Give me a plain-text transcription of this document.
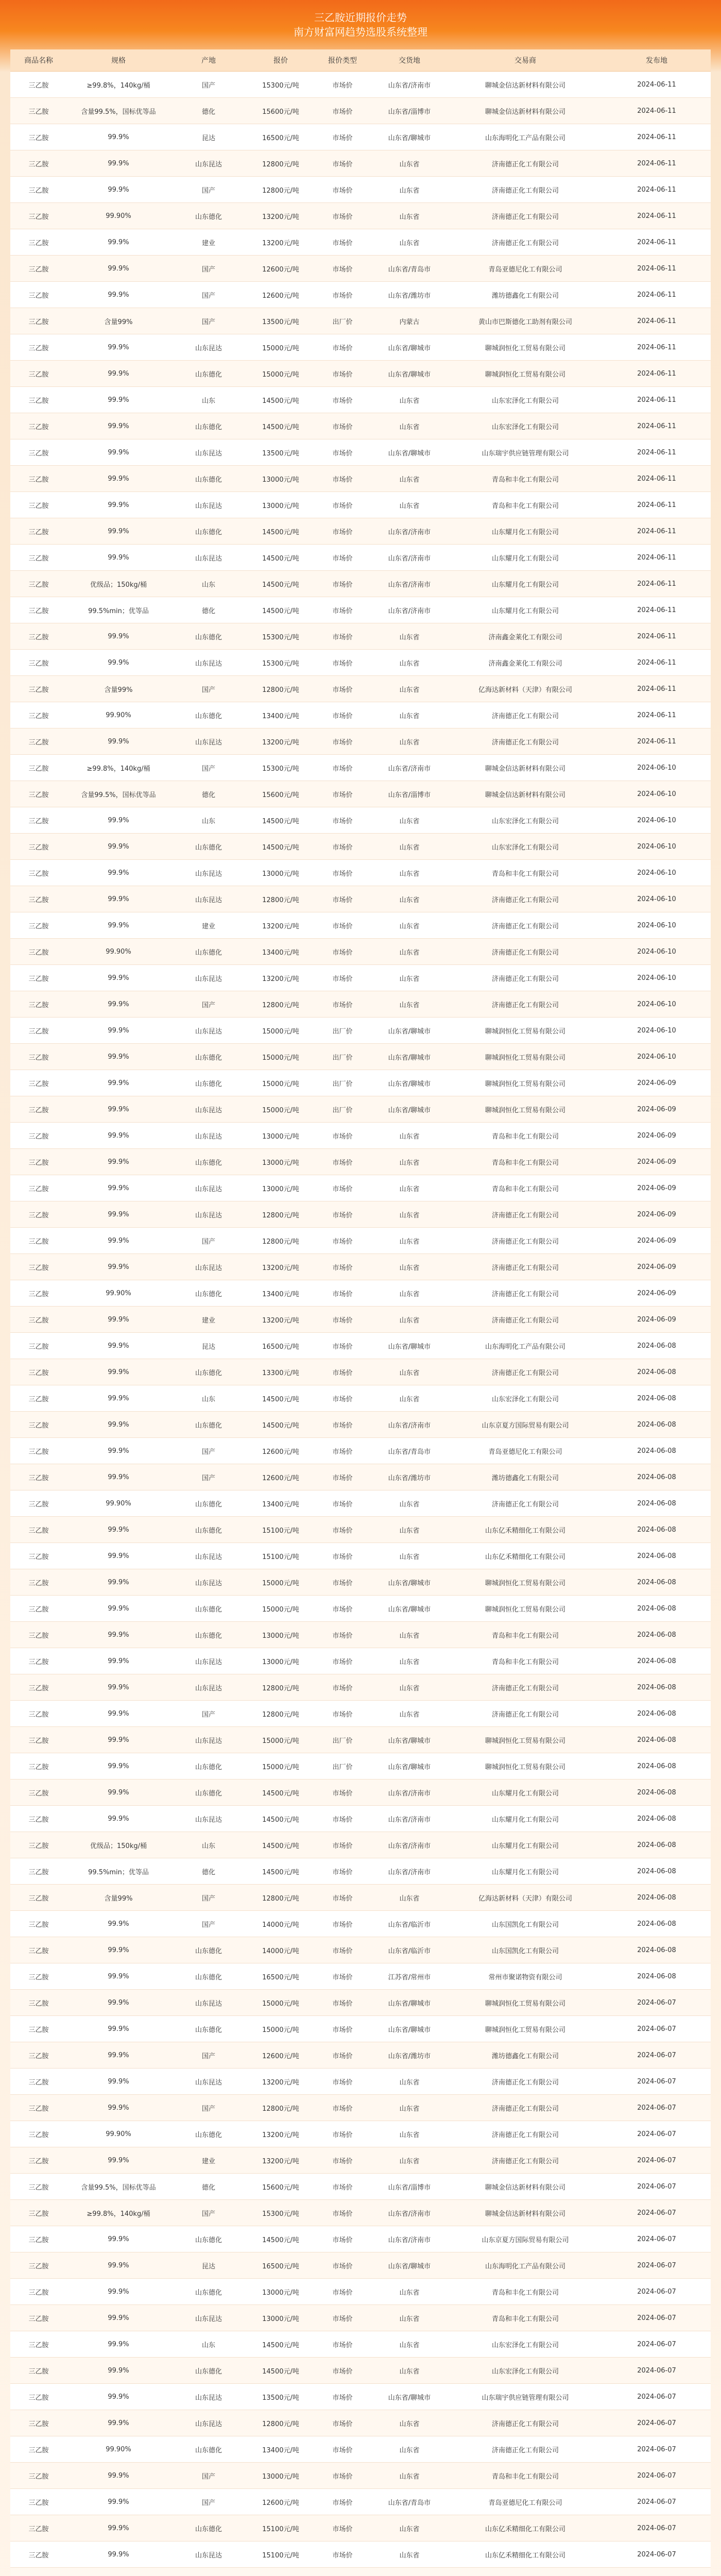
三乙胺近期报价走势
南方财富网趋势选股系统整理
商品名称	规格	产地	报价	报价类型	交货地	交易商	发布地
三乙胺	≥99.8%，140kg/桶	国产	15300元/吨	市场价	山东省/济南市	聊城金信达新材料有限公司	2024-06-11
三乙胺	含量99.5%，国标优等品	德化	15600元/吨	市场价	山东省/淄博市	聊城金信达新材料有限公司	2024-06-11
三乙胺	99.9%	昆达	16500元/吨	市场价	山东省/聊城市	山东海明化工产品有限公司	2024-06-11
三乙胺	99.9%	山东昆达	12800元/吨	市场价	山东省	济南德正化工有限公司	2024-06-11
三乙胺	99.9%	国产	12800元/吨	市场价	山东省	济南德正化工有限公司	2024-06-11
三乙胺	99.90%	山东德化	13200元/吨	市场价	山东省	济南德正化工有限公司	2024-06-11
三乙胺	99.9%	建业	13200元/吨	市场价	山东省	济南德正化工有限公司	2024-06-11
三乙胺	99.9%	国产	12600元/吨	市场价	山东省/青岛市	青岛亚德尼化工有限公司	2024-06-11
三乙胺	99.9%	国产	12600元/吨	市场价	山东省/潍坊市	潍坊德鑫化工有限公司	2024-06-11
三乙胺	含量99%	国产	13500元/吨	出厂价	内蒙古	黄山市巴斯德化工助剂有限公司	2024-06-11
三乙胺	99.9%	山东昆达	15000元/吨	市场价	山东省/聊城市	聊城润恒化工贸易有限公司	2024-06-11
三乙胺	99.9%	山东德化	15000元/吨	市场价	山东省/聊城市	聊城润恒化工贸易有限公司	2024-06-11
三乙胺	99.9%	山东	14500元/吨	市场价	山东省	山东宏泽化工有限公司	2024-06-11
三乙胺	99.9%	山东德化	14500元/吨	市场价	山东省	山东宏泽化工有限公司	2024-06-11
三乙胺	99.9%	山东昆达	13500元/吨	市场价	山东省/聊城市	山东瑞宇供应链管理有限公司	2024-06-11
三乙胺	99.9%	山东德化	13000元/吨	市场价	山东省	青岛和丰化工有限公司	2024-06-11
三乙胺	99.9%	山东昆达	13000元/吨	市场价	山东省	青岛和丰化工有限公司	2024-06-11
三乙胺	99.9%	山东德化	14500元/吨	市场价	山东省/济南市	山东耀月化工有限公司	2024-06-11
三乙胺	99.9%	山东昆达	14500元/吨	市场价	山东省/济南市	山东耀月化工有限公司	2024-06-11
三乙胺	优级品；150kg/桶	山东	14500元/吨	市场价	山东省/济南市	山东耀月化工有限公司	2024-06-11
三乙胺	99.5%min；优等品	德化	14500元/吨	市场价	山东省/济南市	山东耀月化工有限公司	2024-06-11
三乙胺	99.9%	山东德化	15300元/吨	市场价	山东省	济南鑫金莱化工有限公司	2024-06-11
三乙胺	99.9%	山东昆达	15300元/吨	市场价	山东省	济南鑫金莱化工有限公司	2024-06-11
三乙胺	含量99%	国产	12800元/吨	市场价	山东省	亿海达新材料（天津）有限公司	2024-06-11
三乙胺	99.90%	山东德化	13400元/吨	市场价	山东省	济南德正化工有限公司	2024-06-11
三乙胺	99.9%	山东昆达	13200元/吨	市场价	山东省	济南德正化工有限公司	2024-06-11
三乙胺	≥99.8%，140kg/桶	国产	15300元/吨	市场价	山东省/济南市	聊城金信达新材料有限公司	2024-06-10
三乙胺	含量99.5%，国标优等品	德化	15600元/吨	市场价	山东省/淄博市	聊城金信达新材料有限公司	2024-06-10
三乙胺	99.9%	山东	14500元/吨	市场价	山东省	山东宏泽化工有限公司	2024-06-10
三乙胺	99.9%	山东德化	14500元/吨	市场价	山东省	山东宏泽化工有限公司	2024-06-10
三乙胺	99.9%	山东昆达	13000元/吨	市场价	山东省	青岛和丰化工有限公司	2024-06-10
三乙胺	99.9%	山东昆达	12800元/吨	市场价	山东省	济南德正化工有限公司	2024-06-10
三乙胺	99.9%	建业	13200元/吨	市场价	山东省	济南德正化工有限公司	2024-06-10
三乙胺	99.90%	山东德化	13400元/吨	市场价	山东省	济南德正化工有限公司	2024-06-10
三乙胺	99.9%	山东昆达	13200元/吨	市场价	山东省	济南德正化工有限公司	2024-06-10
三乙胺	99.9%	国产	12800元/吨	市场价	山东省	济南德正化工有限公司	2024-06-10
三乙胺	99.9%	山东昆达	15000元/吨	出厂价	山东省/聊城市	聊城润恒化工贸易有限公司	2024-06-10
三乙胺	99.9%	山东德化	15000元/吨	出厂价	山东省/聊城市	聊城润恒化工贸易有限公司	2024-06-10
三乙胺	99.9%	山东德化	15000元/吨	出厂价	山东省/聊城市	聊城润恒化工贸易有限公司	2024-06-09
三乙胺	99.9%	山东昆达	15000元/吨	出厂价	山东省/聊城市	聊城润恒化工贸易有限公司	2024-06-09
三乙胺	99.9%	山东昆达	13000元/吨	市场价	山东省	青岛和丰化工有限公司	2024-06-09
三乙胺	99.9%	山东德化	13000元/吨	市场价	山东省	青岛和丰化工有限公司	2024-06-09
三乙胺	99.9%	山东昆达	13000元/吨	市场价	山东省	青岛和丰化工有限公司	2024-06-09
三乙胺	99.9%	山东昆达	12800元/吨	市场价	山东省	济南德正化工有限公司	2024-06-09
三乙胺	99.9%	国产	12800元/吨	市场价	山东省	济南德正化工有限公司	2024-06-09
三乙胺	99.9%	山东昆达	13200元/吨	市场价	山东省	济南德正化工有限公司	2024-06-09
三乙胺	99.90%	山东德化	13400元/吨	市场价	山东省	济南德正化工有限公司	2024-06-09
三乙胺	99.9%	建业	13200元/吨	市场价	山东省	济南德正化工有限公司	2024-06-09
三乙胺	99.9%	昆达	16500元/吨	市场价	山东省/聊城市	山东海明化工产品有限公司	2024-06-08
三乙胺	99.9%	山东德化	13300元/吨	市场价	山东省	济南德正化工有限公司	2024-06-08
三乙胺	99.9%	山东	14500元/吨	市场价	山东省	山东宏泽化工有限公司	2024-06-08
三乙胺	99.9%	山东德化	14500元/吨	市场价	山东省/济南市	山东京夏方国际贸易有限公司	2024-06-08
三乙胺	99.9%	国产	12600元/吨	市场价	山东省/青岛市	青岛亚德尼化工有限公司	2024-06-08
三乙胺	99.9%	国产	12600元/吨	市场价	山东省/潍坊市	潍坊德鑫化工有限公司	2024-06-08
三乙胺	99.90%	山东德化	13400元/吨	市场价	山东省	济南德正化工有限公司	2024-06-08
三乙胺	99.9%	山东德化	15100元/吨	市场价	山东省	山东亿禾精细化工有限公司	2024-06-08
三乙胺	99.9%	山东昆达	15100元/吨	市场价	山东省	山东亿禾精细化工有限公司	2024-06-08
三乙胺	99.9%	山东昆达	15000元/吨	市场价	山东省/聊城市	聊城润恒化工贸易有限公司	2024-06-08
三乙胺	99.9%	山东德化	15000元/吨	市场价	山东省/聊城市	聊城润恒化工贸易有限公司	2024-06-08
三乙胺	99.9%	山东德化	13000元/吨	市场价	山东省	青岛和丰化工有限公司	2024-06-08
三乙胺	99.9%	山东昆达	13000元/吨	市场价	山东省	青岛和丰化工有限公司	2024-06-08
三乙胺	99.9%	山东昆达	12800元/吨	市场价	山东省	济南德正化工有限公司	2024-06-08
三乙胺	99.9%	国产	12800元/吨	市场价	山东省	济南德正化工有限公司	2024-06-08
三乙胺	99.9%	山东昆达	15000元/吨	出厂价	山东省/聊城市	聊城润恒化工贸易有限公司	2024-06-08
三乙胺	99.9%	山东德化	15000元/吨	出厂价	山东省/聊城市	聊城润恒化工贸易有限公司	2024-06-08
三乙胺	99.9%	山东德化	14500元/吨	市场价	山东省/济南市	山东耀月化工有限公司	2024-06-08
三乙胺	99.9%	山东昆达	14500元/吨	市场价	山东省/济南市	山东耀月化工有限公司	2024-06-08
三乙胺	优级品；150kg/桶	山东	14500元/吨	市场价	山东省/济南市	山东耀月化工有限公司	2024-06-08
三乙胺	99.5%min；优等品	德化	14500元/吨	市场价	山东省/济南市	山东耀月化工有限公司	2024-06-08
三乙胺	含量99%	国产	12800元/吨	市场价	山东省	亿海达新材料（天津）有限公司	2024-06-08
三乙胺	99.9%	国产	14000元/吨	市场价	山东省/临沂市	山东国凯化工有限公司	2024-06-08
三乙胺	99.9%	山东德化	14000元/吨	市场价	山东省/临沂市	山东国凯化工有限公司	2024-06-08
三乙胺	99.9%	山东德化	16500元/吨	市场价	江苏省/常州市	常州市聚诺物资有限公司	2024-06-08
三乙胺	99.9%	山东昆达	15000元/吨	市场价	山东省/聊城市	聊城润恒化工贸易有限公司	2024-06-07
三乙胺	99.9%	山东德化	15000元/吨	市场价	山东省/聊城市	聊城润恒化工贸易有限公司	2024-06-07
三乙胺	99.9%	国产	12600元/吨	市场价	山东省/潍坊市	潍坊德鑫化工有限公司	2024-06-07
三乙胺	99.9%	山东昆达	13200元/吨	市场价	山东省	济南德正化工有限公司	2024-06-07
三乙胺	99.9%	国产	12800元/吨	市场价	山东省	济南德正化工有限公司	2024-06-07
三乙胺	99.90%	山东德化	13200元/吨	市场价	山东省	济南德正化工有限公司	2024-06-07
三乙胺	99.9%	建业	13200元/吨	市场价	山东省	济南德正化工有限公司	2024-06-07
三乙胺	含量99.5%，国标优等品	德化	15600元/吨	市场价	山东省/淄博市	聊城金信达新材料有限公司	2024-06-07
三乙胺	≥99.8%，140kg/桶	国产	15300元/吨	市场价	山东省/济南市	聊城金信达新材料有限公司	2024-06-07
三乙胺	99.9%	山东德化	14500元/吨	市场价	山东省/济南市	山东京夏方国际贸易有限公司	2024-06-07
三乙胺	99.9%	昆达	16500元/吨	市场价	山东省/聊城市	山东海明化工产品有限公司	2024-06-07
三乙胺	99.9%	山东德化	13000元/吨	市场价	山东省	青岛和丰化工有限公司	2024-06-07
三乙胺	99.9%	山东昆达	13000元/吨	市场价	山东省	青岛和丰化工有限公司	2024-06-07
三乙胺	99.9%	山东	14500元/吨	市场价	山东省	山东宏泽化工有限公司	2024-06-07
三乙胺	99.9%	山东德化	14500元/吨	市场价	山东省	山东宏泽化工有限公司	2024-06-07
三乙胺	99.9%	山东昆达	13500元/吨	市场价	山东省/聊城市	山东瑞宇供应链管理有限公司	2024-06-07
三乙胺	99.9%	山东昆达	12800元/吨	市场价	山东省	济南德正化工有限公司	2024-06-07
三乙胺	99.90%	山东德化	13400元/吨	市场价	山东省	济南德正化工有限公司	2024-06-07
三乙胺	99.9%	国产	13000元/吨	市场价	山东省	青岛和丰化工有限公司	2024-06-07
三乙胺	99.9%	国产	12600元/吨	市场价	山东省/青岛市	青岛亚德尼化工有限公司	2024-06-07
三乙胺	99.9%	山东德化	15100元/吨	市场价	山东省	山东亿禾精细化工有限公司	2024-06-07
三乙胺	99.9%	山东昆达	15100元/吨	市场价	山东省	山东亿禾精细化工有限公司	2024-06-07
